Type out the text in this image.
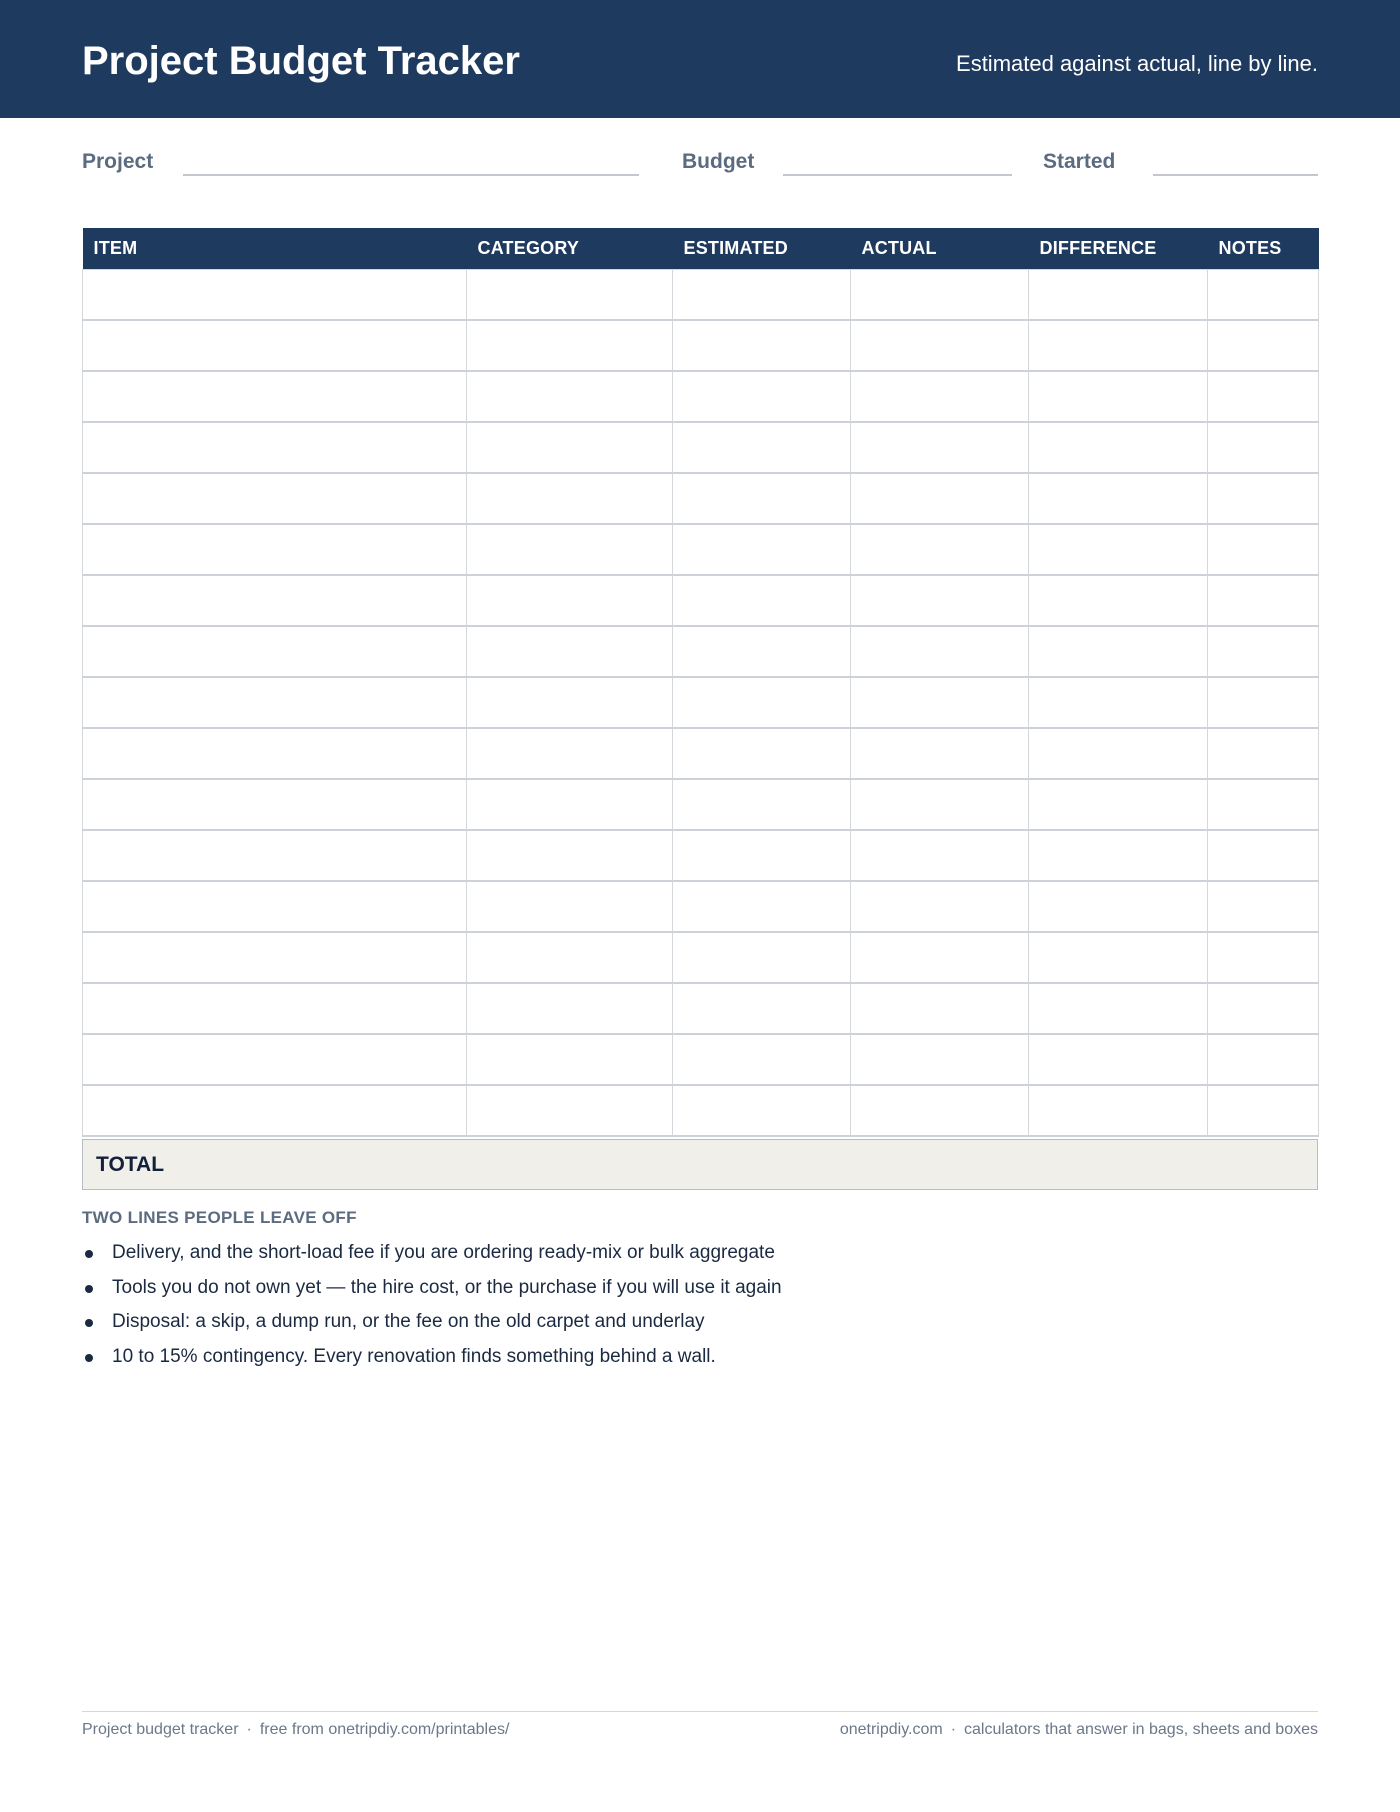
Project Budget Tracker	Estimated against actual, line by line.
Project	Budget	Started
ITEM	CATEGORY	ESTIMATED	ACTUAL	DIFFERENCE	NOTES

TOTAL
TWO LINES PEOPLE LEAVE OFF
Delivery, and the short-load fee if you are ordering ready-mix or bulk aggregate
Tools you do not own yet — the hire cost, or the purchase if you will use it again
Disposal: a skip, a dump run, or the fee on the old carpet and underlay
10 to 15% contingency. Every renovation finds something behind a wall.
Project budget tracker · free from onetripdiy.com/printables/	onetripdiy.com · calculators that answer in bags, sheets and boxes
